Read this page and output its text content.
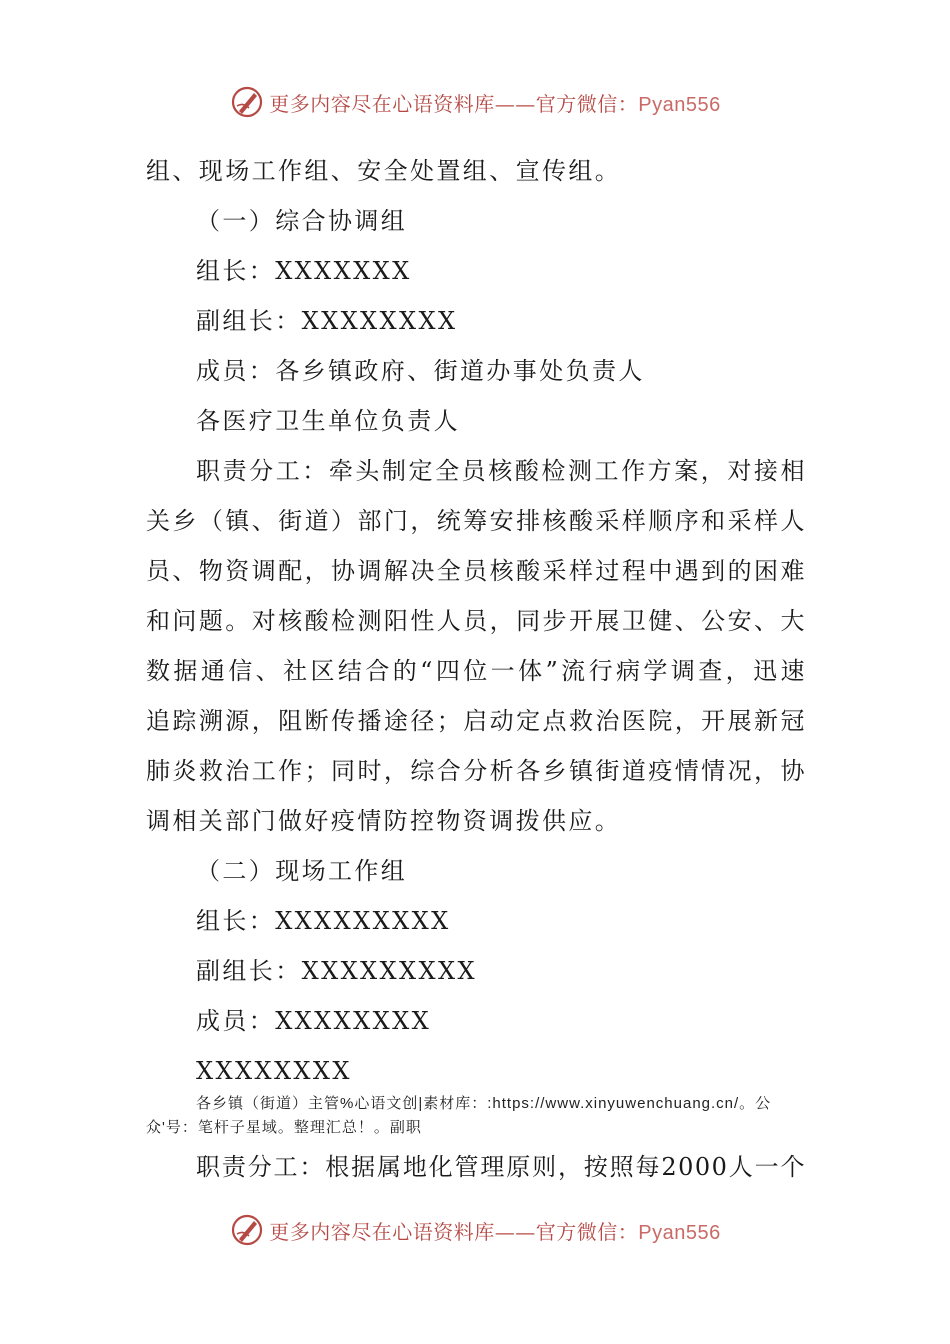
更多内容尽在心语资料库——官方微信：Pyan556
组、现场工作组、安全处置组、宣传组。
（一）综合协调组
组长：XXXXXXX
副组长：XXXXXXXX
成员：各乡镇政府、街道办事处负责人
各医疗卫生单位负责人
职责分工：牵头制定全员核酸检测工作方案，对接相
关乡（镇、街道）部门，统筹安排核酸采样顺序和采样人
员、物资调配，协调解决全员核酸采样过程中遇到的困难
和问题。对核酸检测阳性人员，同步开展卫健、公安、大
数据通信、社区结合的“四位一体”流行病学调查，迅速
追踪溯源，阻断传播途径；启动定点救治医院，开展新冠
肺炎救治工作；同时，综合分析各乡镇街道疫情情况，协
调相关部门做好疫情防控物资调拨供应。
（二）现场工作组
组长：XXXXXXXXX
副组长：XXXXXXXXX
成员：XXXXXXXX
XXXXXXXX
各乡镇（街道）主管%心语文创|素材库：:https://www.xinyuwenchuang.cn/。公
众'号：笔杆子星域。整理汇总！。副职
职责分工：根据属地化管理原则，按照每2000人一个
更多内容尽在心语资料库——官方微信：Pyan556
